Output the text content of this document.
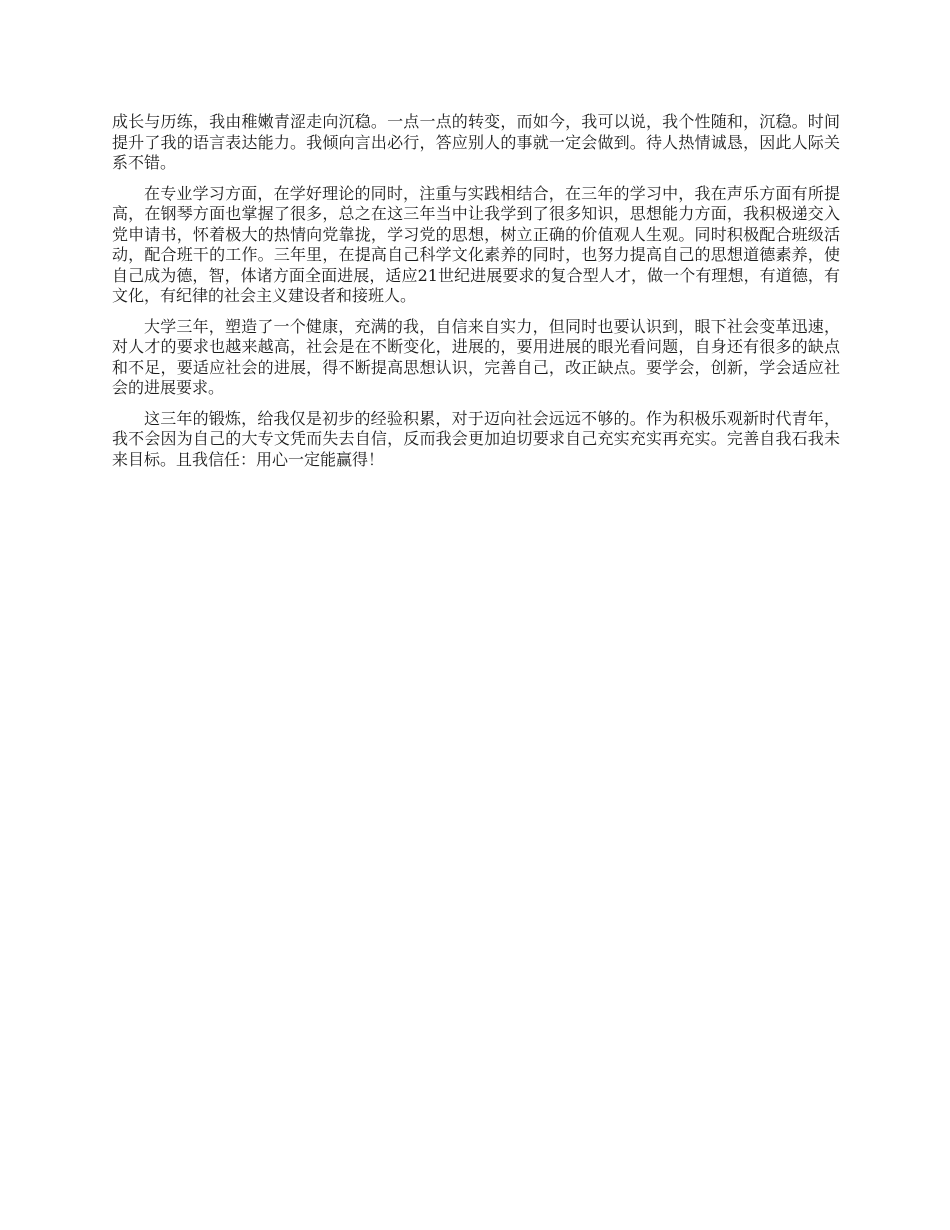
成长与历练，我由稚嫩青涩走向沉稳。一点一点的转变，而如今，我可以说，我个性随和，沉稳。时间提升了我的语言表达能力。我倾向言出必行，答应别人的事就一定会做到。待人热情诚恳，因此人际关系不错。

在专业学习方面，在学好理论的同时，注重与实践相结合，在三年的学习中，我在声乐方面有所提高，在钢琴方面也掌握了很多，总之在这三年当中让我学到了很多知识，思想能力方面，我积极递交入党申请书，怀着极大的热情向党靠拢，学习党的思想，树立正确的价值观人生观。同时积极配合班级活动，配合班干的工作。三年里，在提高自己科学文化素养的同时，也努力提高自己的思想道德素养，使自己成为德，智，体诸方面全面进展，适应21世纪进展要求的复合型人才，做一个有理想，有道德，有文化，有纪律的社会主义建设者和接班人。

大学三年，塑造了一个健康，充满的我，自信来自实力，但同时也要认识到，眼下社会变革迅速，对人才的要求也越来越高，社会是在不断变化，进展的，要用进展的眼光看问题，自身还有很多的缺点和不足，要适应社会的进展，得不断提高思想认识，完善自己，改正缺点。要学会，创新，学会适应社会的进展要求。

这三年的锻炼，给我仅是初步的经验积累，对于迈向社会远远不够的。作为积极乐观新时代青年，我不会因为自己的大专文凭而失去自信，反而我会更加迫切要求自己充实充实再充实。完善自我石我未来目标。且我信任：用心一定能赢得！
